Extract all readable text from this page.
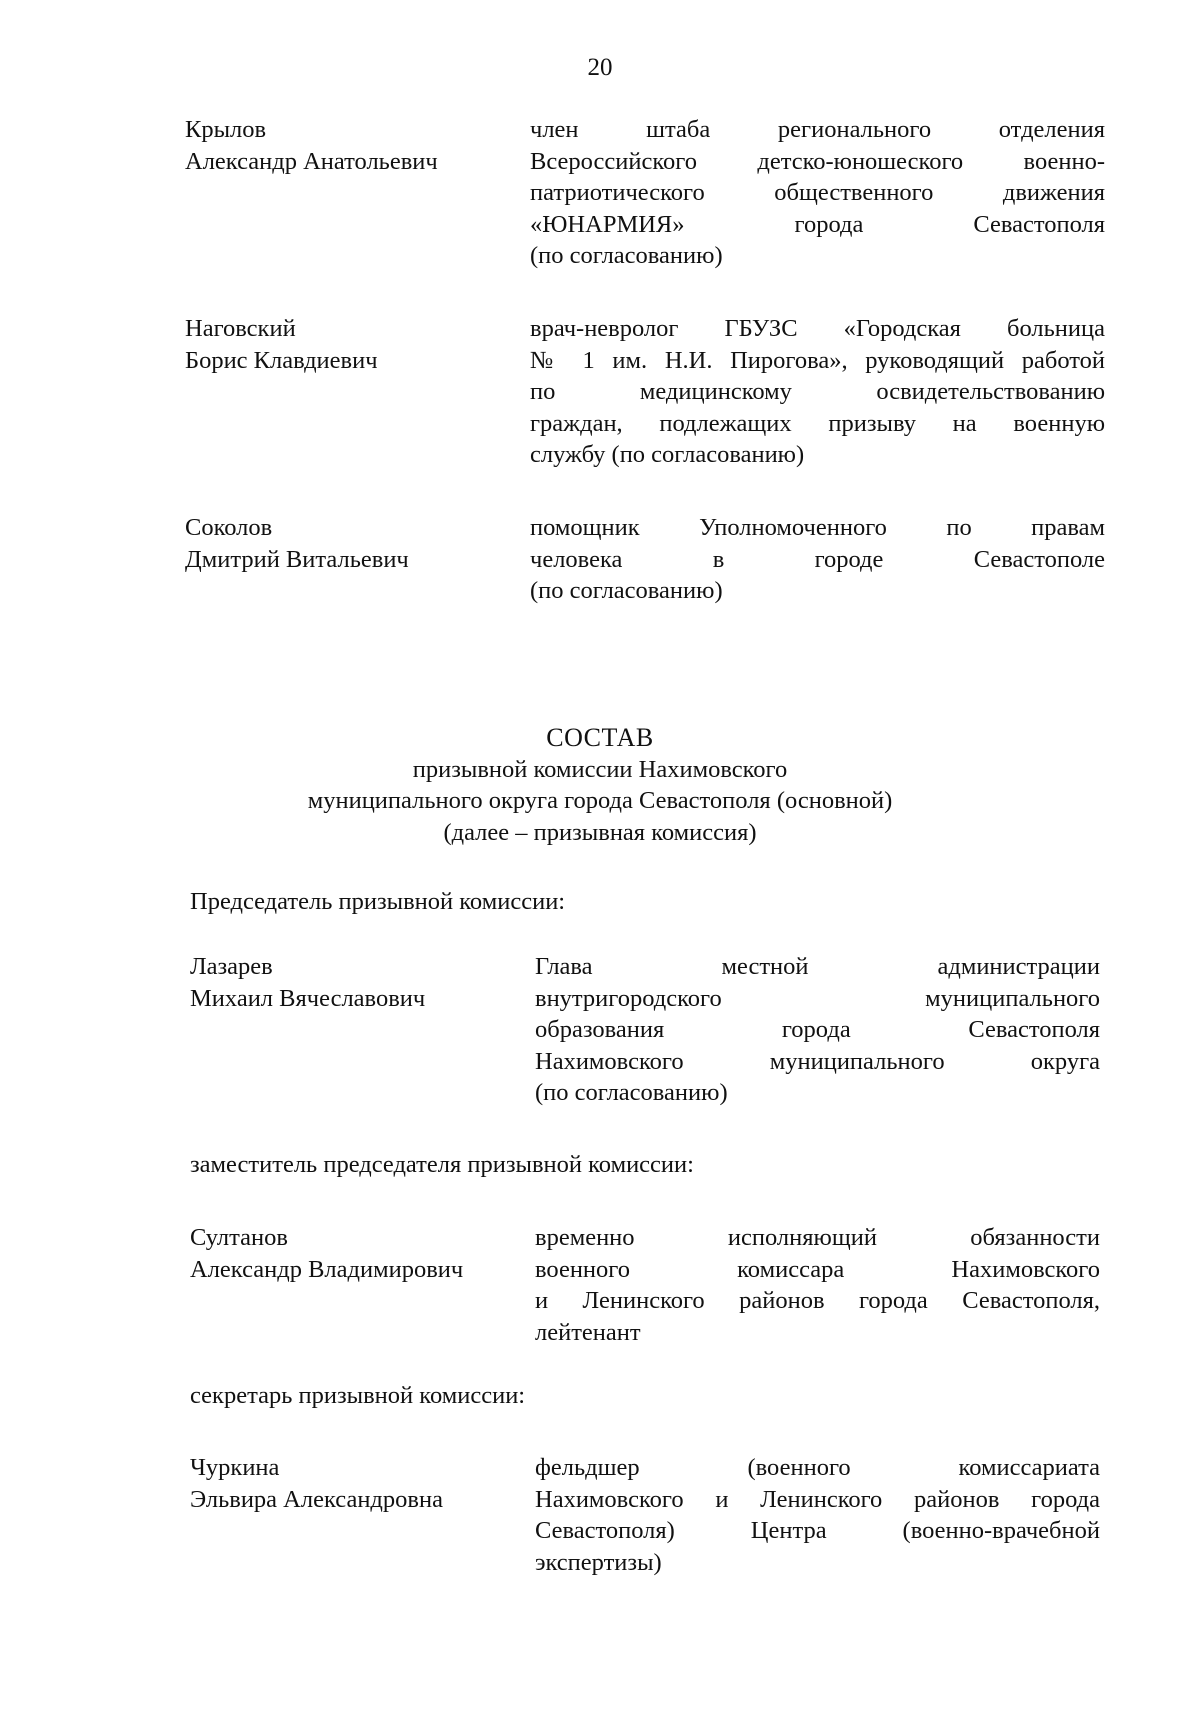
20
Крылов
Александр Анатольевич
член штаба регионального отделения
Всероссийского детско-юношеского военно-
патриотического общественного движения
«ЮНАРМИЯ» города Севастополя
(по согласованию)
Наговский
Борис Клавдиевич
врач-невролог ГБУЗС «Городская больница
№ 1 им. Н.И. Пирогова», руководящий работой
по медицинскому освидетельствованию
граждан, подлежащих призыву на военную
службу (по согласованию)
Соколов
Дмитрий Витальевич
помощник Уполномоченного по правам
человека в городе Севастополе
(по согласованию)
СОСТАВ
призывной комиссии Нахимовского
муниципального округа города Севастополя (основной)
(далее – призывная комиссия)
Председатель призывной комиссии:
Лазарев
Михаил Вячеславович
Глава местной администрации
внутригородского муниципального
образования города Севастополя
Нахимовского муниципального округа
(по согласованию)
заместитель председателя призывной комиссии:
Султанов
Александр Владимирович
временно исполняющий обязанности
военного комиссара Нахимовского
и Ленинского районов города Севастополя,
лейтенант
секретарь призывной комиссии:
Чуркина
Эльвира Александровна
фельдшер (военного комиссариата
Нахимовского и Ленинского районов города
Севастополя) Центра (военно-врачебной
экспертизы)
